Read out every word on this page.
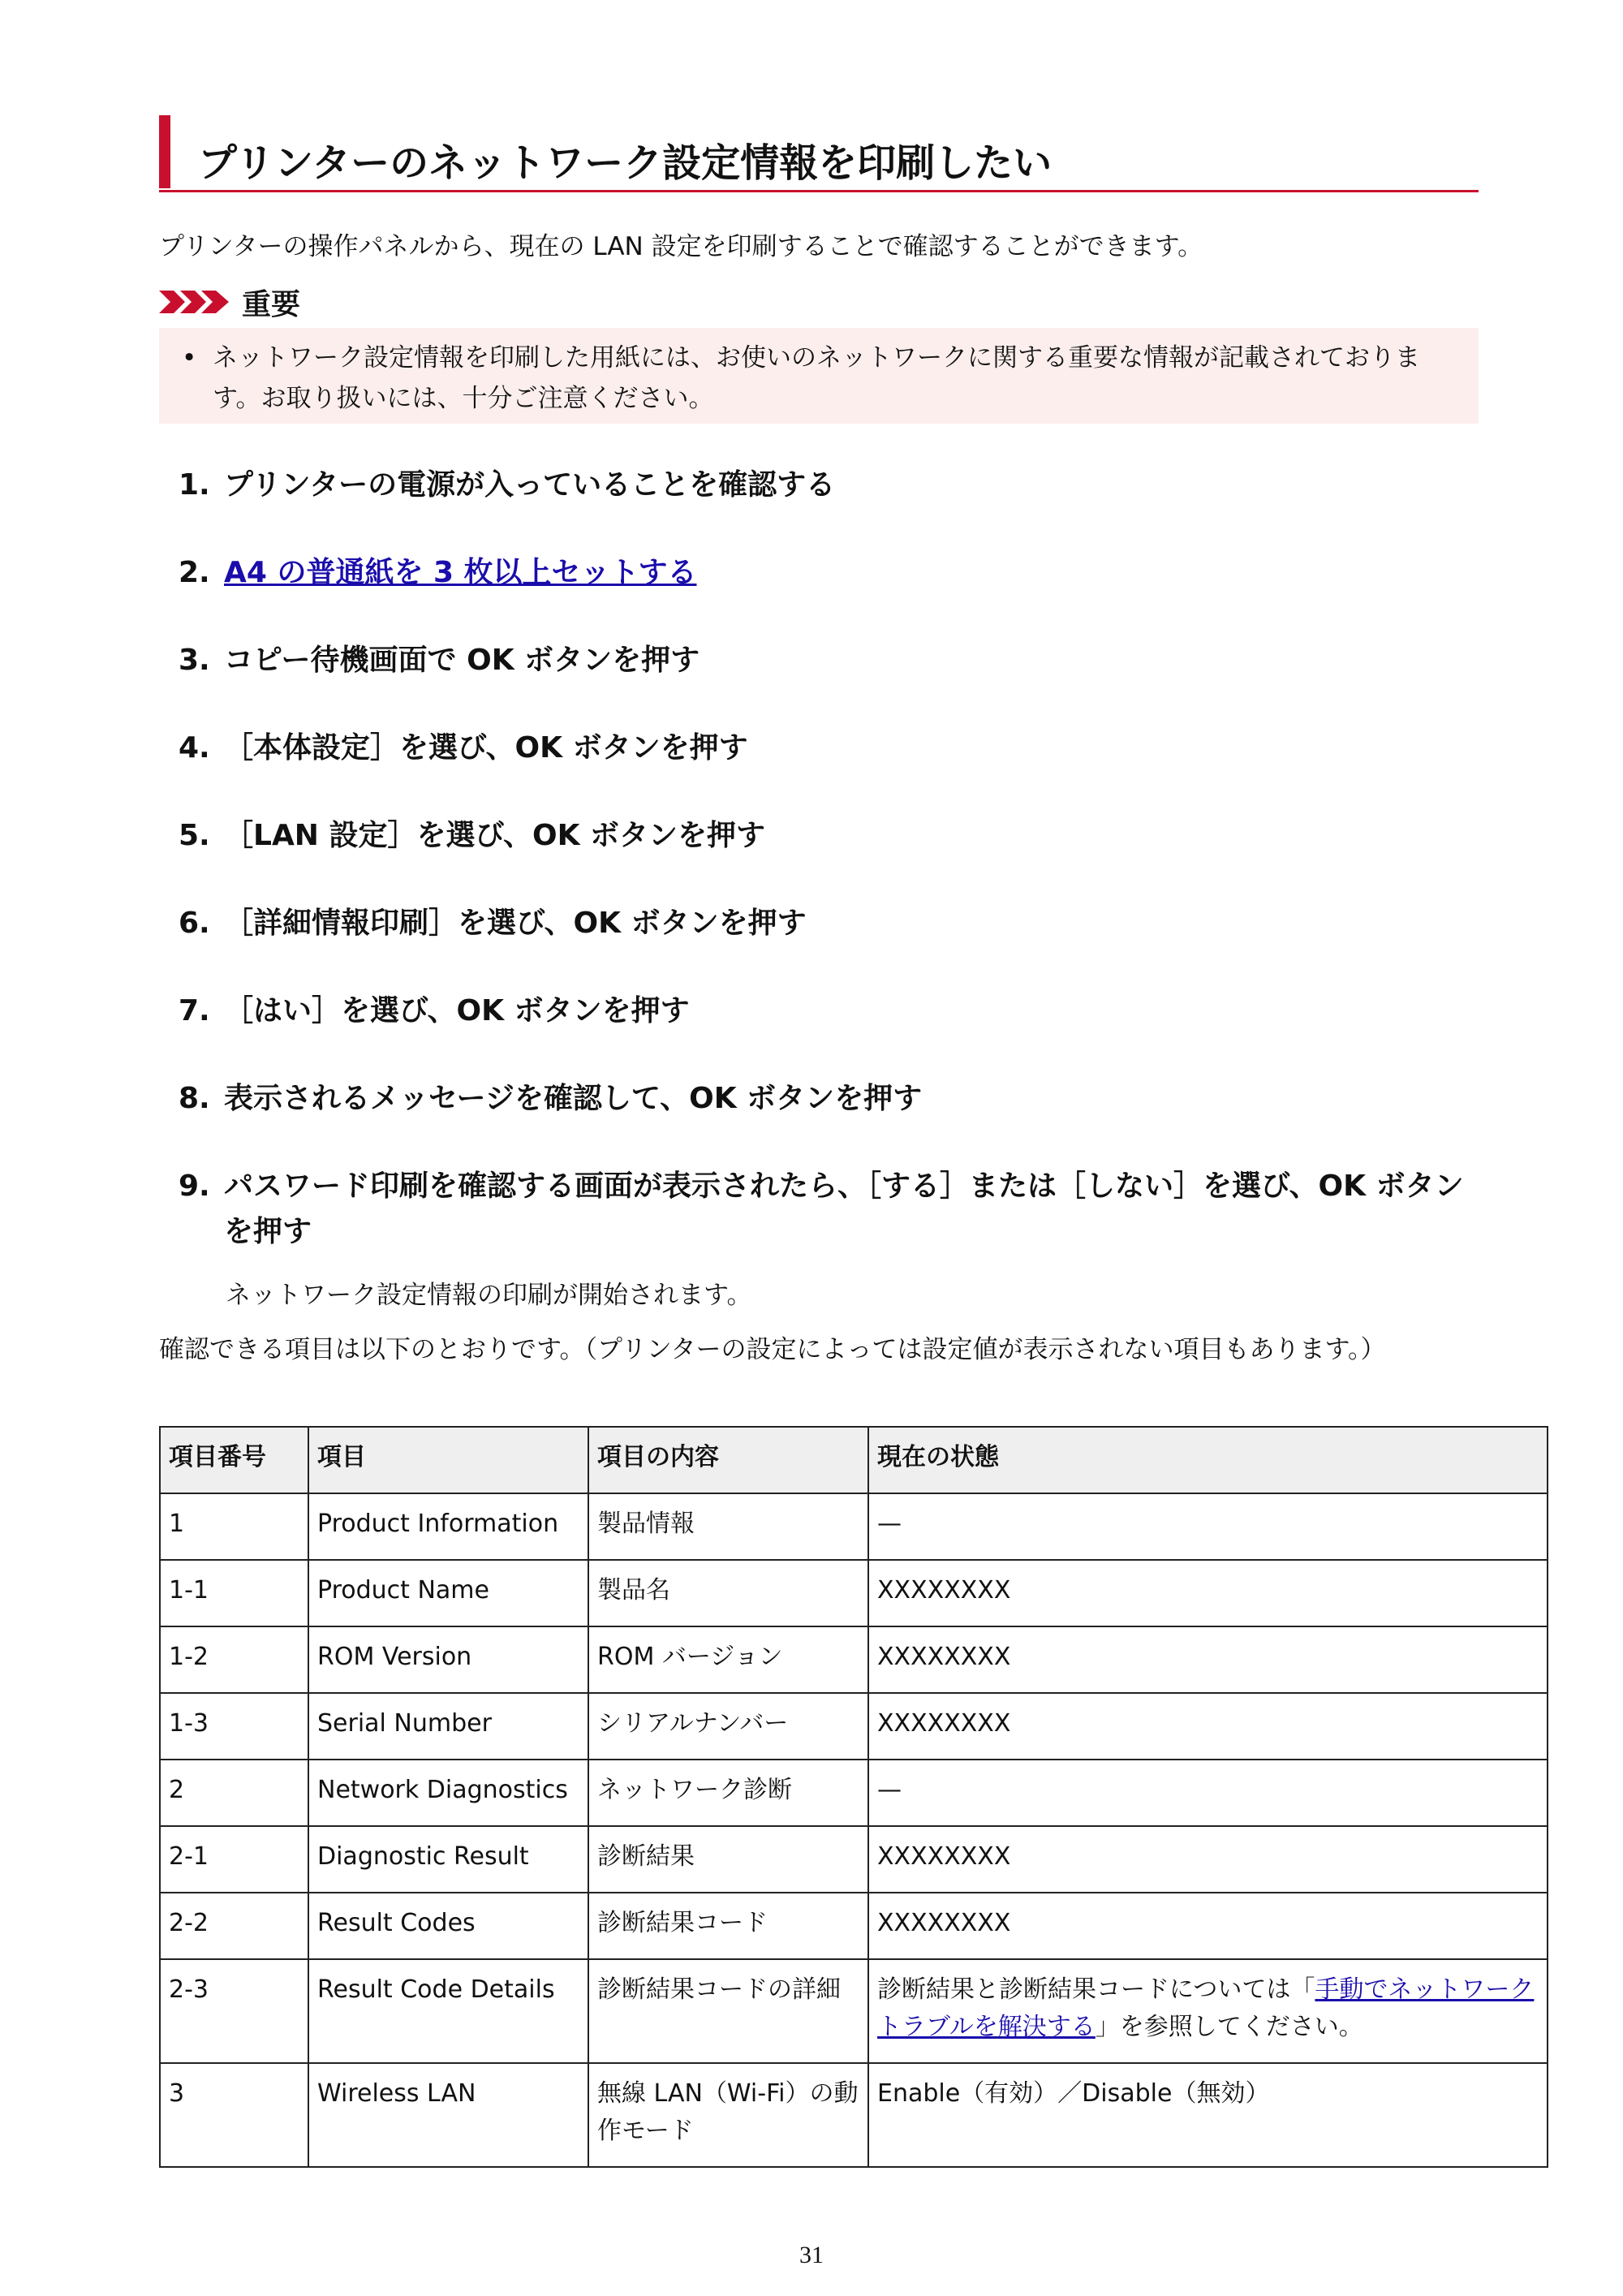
プリンターのネットワーク設定情報を印刷したい

プリンターの操作パネルから、現在の LAN 設定を印刷することで確認することができます。

重要
• ネットワーク設定情報を印刷した用紙には、お使いのネットワークに関する重要な情報が記載されております。お取り扱いには、十分ご注意ください。
1. プリンターの電源が入っていることを確認する
2. A4 の普通紙を 3 枚以上セットする
3. コピー待機画面で OK ボタンを押す
4. ［本体設定］を選び、OK ボタンを押す
5. ［LAN 設定］を選び、OK ボタンを押す
6. ［詳細情報印刷］を選び、OK ボタンを押す
7. ［はい］を選び、OK ボタンを押す
8. 表示されるメッセージを確認して、OK ボタンを押す
9. パスワード印刷を確認する画面が表示されたら、［する］または［しない］を選び、OK ボタンを押す

ネットワーク設定情報の印刷が開始されます。

確認できる項目は以下のとおりです。（プリンターの設定によっては設定値が表示されない項目もあります。）

項目番号	項目	項目の内容	現在の状態
1	Product Information	製品情報	—
1-1	Product Name	製品名	XXXXXXXX
1-2	ROM Version	ROM バージョン	XXXXXXXX
1-3	Serial Number	シリアルナンバー	XXXXXXXX
2	Network Diagnostics	ネットワーク診断	—
2-1	Diagnostic Result	診断結果	XXXXXXXX
2-2	Result Codes	診断結果コード	XXXXXXXX
2-3	Result Code Details	診断結果コードの詳細	診断結果と診断結果コードについては「手動でネットワークトラブルを解決する」を参照してください。
3	Wireless LAN	無線 LAN（Wi-Fi）の動作モード	Enable（有効）／Disable（無効）
31
